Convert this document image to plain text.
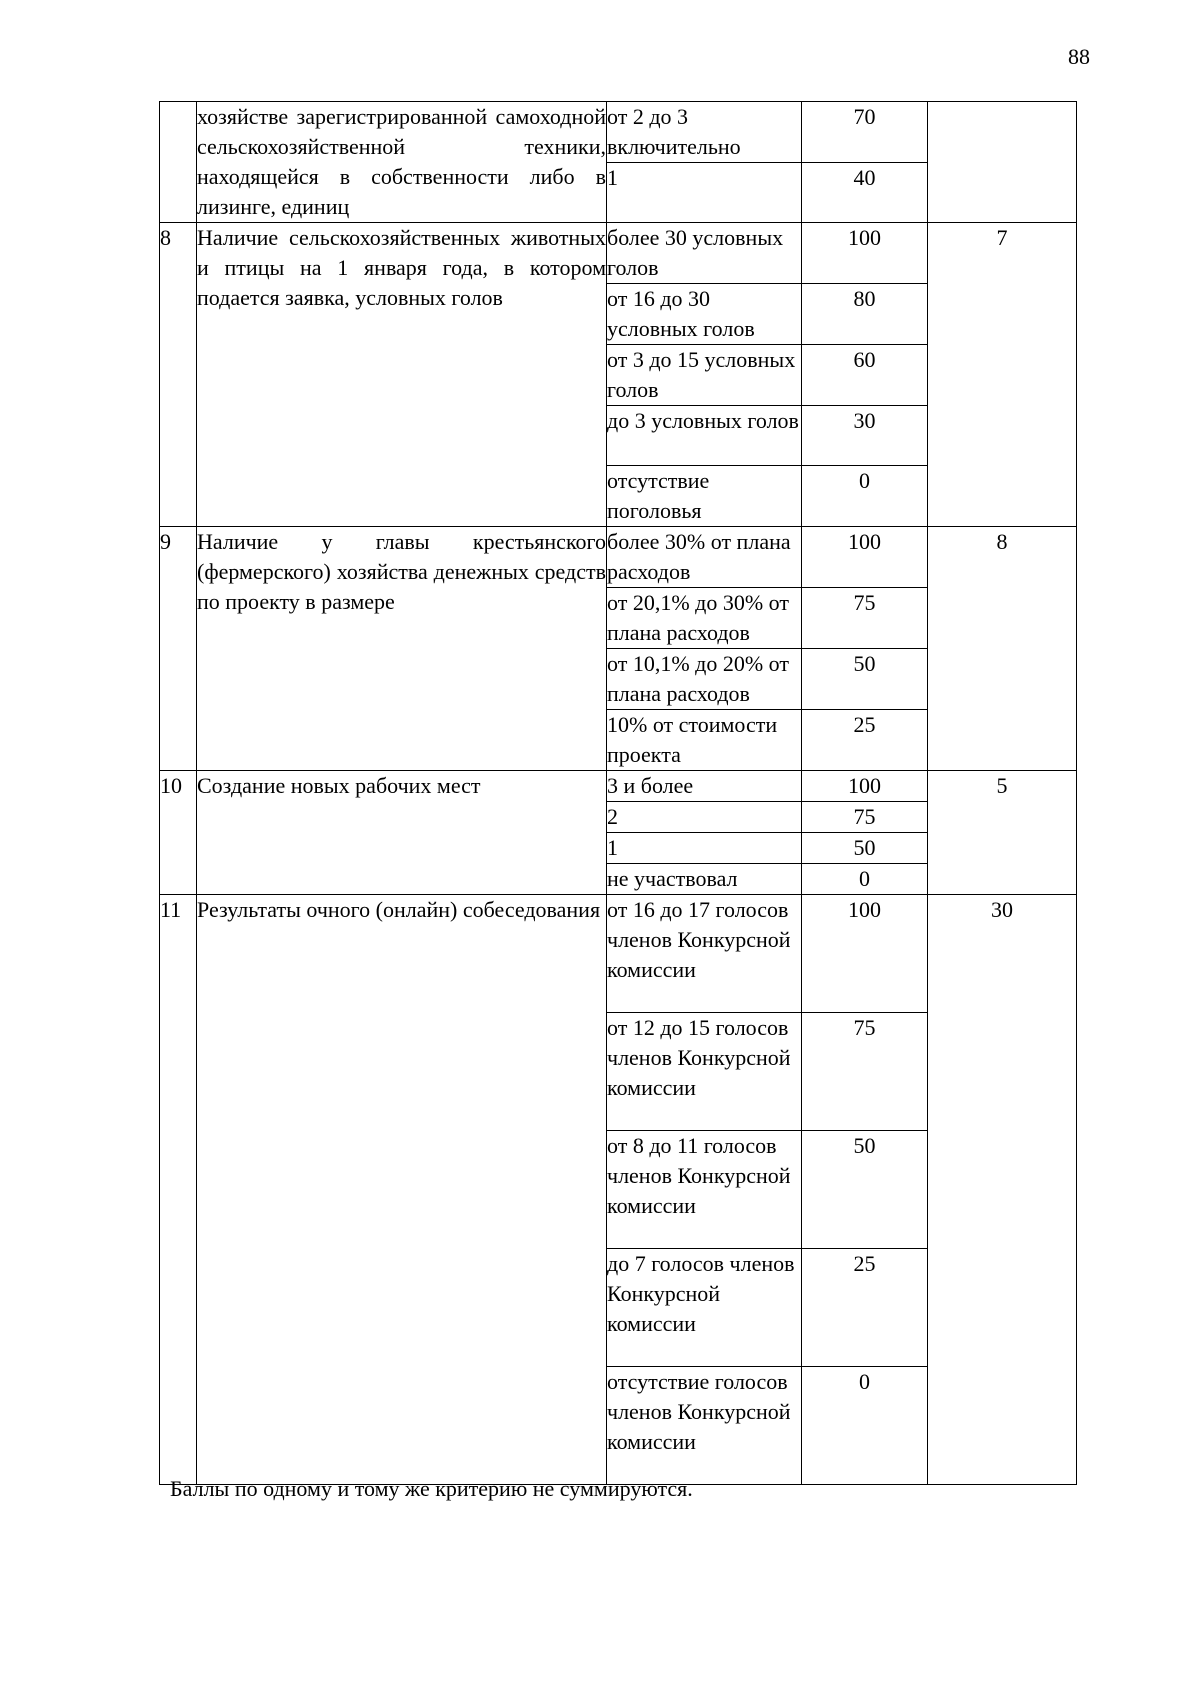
88
	хозяйстве зарегистрированной самоходной сельскохозяйственной техники, находящейся в собственности либо в лизинге, единиц	от 2 до 3 включительно	70	
		1	40	
8	Наличие сельскохозяйственных животных и птицы на 1 января года, в котором подается заявка, условных голов	более 30 условных голов	100	7
		от 16 до 30 условных голов	80	
		от 3 до 15 условных голов	60	
		до 3 условных голов	30	
		отсутствие поголовья	0	
9	Наличие у главы крестьянского (фермерского) хозяйства денежных средств по проекту в размере	более 30% от плана расходов	100	8
		от 20,1% до 30% от плана расходов	75	
		от 10,1% до 20% от плана расходов	50	
		10% от стоимости проекта	25	
10	Создание новых рабочих мест	3 и более	100	5
		2	75	
		1	50	
		не участвовал	0	
11	Результаты очного (онлайн) собеседования	от 16 до 17 голосов членов Конкурсной комиссии	100	30
		от 12 до 15 голосов членов Конкурсной комиссии	75	
		от 8 до 11 голосов членов Конкурсной комиссии	50	
		до 7 голосов членов Конкурсной комиссии	25	
		отсутствие голосов членов Конкурсной комиссии	0	
Баллы по одному и тому же критерию не суммируются.
